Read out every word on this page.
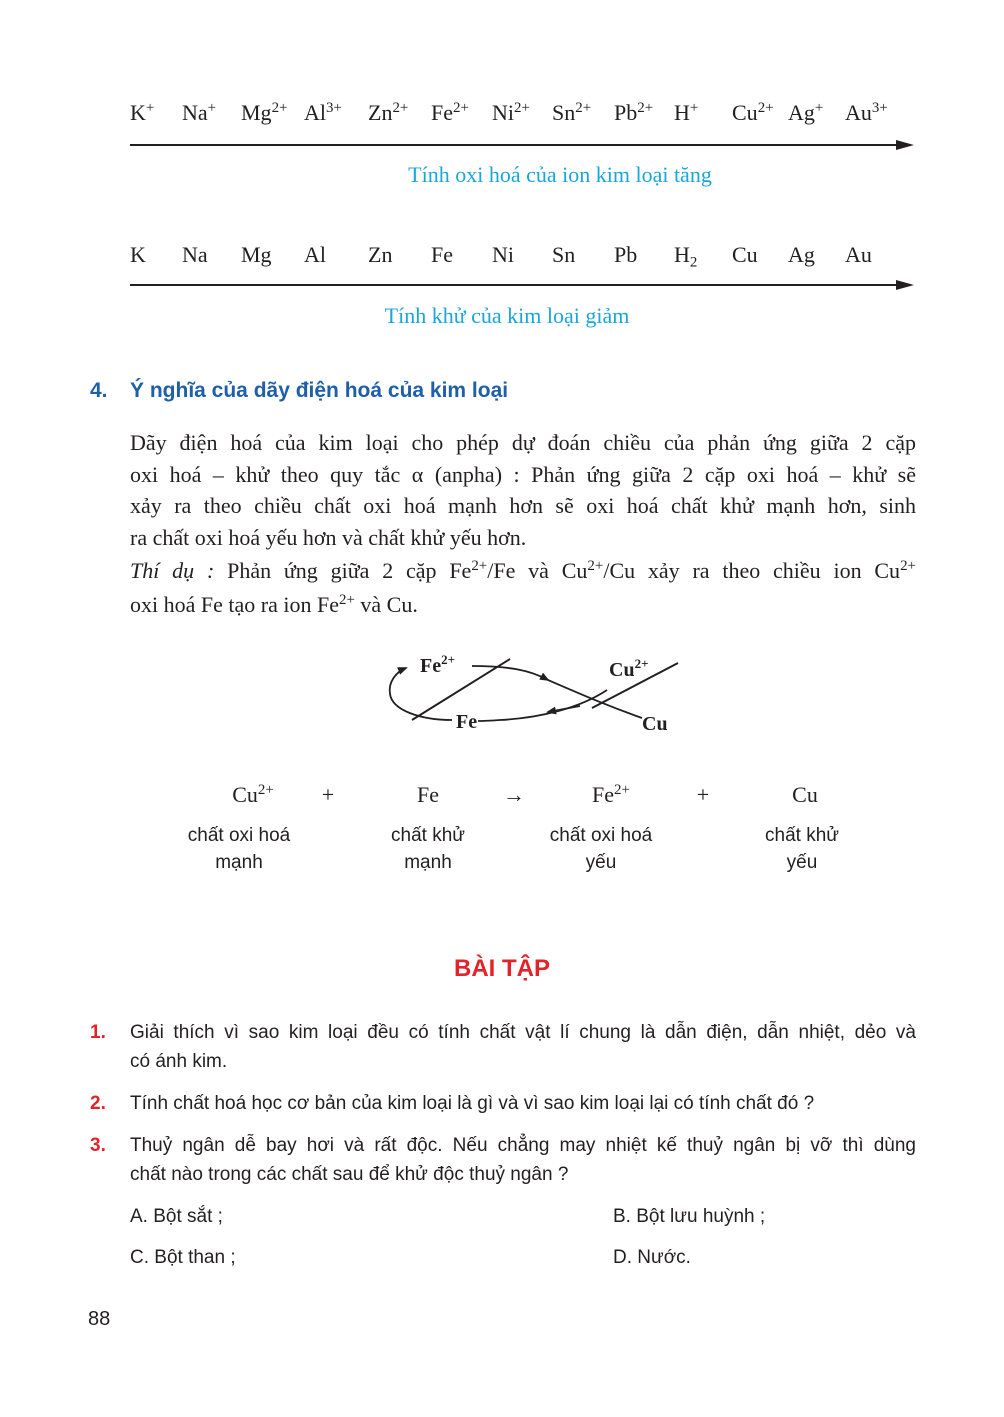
K+ Na+ $Mg^{2+}$ $Al^{3+}$ $Zn^{2+}$ $Fe^{2+}$ $Ni^{2+}$ $Sn^{2+}$ $Pb^{2+}$ H+ $Cu^{2+}$ Ag+ $Au^{3+}$
Tính oxi hoá của ion kim loại tăng
K Na Mg Al Zn Fe Ni Sn Pb $H_2$ Cu Ag Au
Tính khử của kim loại giảm
4. Ý nghĩa của dãy điện hoá của kim loại

Dãy điện hoá của kim loại cho phép dự đoán chiều của phản ứng giữa 2 cặp

oxi hoá – khử theo quy tắc α (anpha) : Phản ứng giữa 2 cặp oxi hoá – khử sẽ

xảy ra theo chiều chất oxi hoá mạnh hơn sẽ oxi hoá chất khử mạnh hơn, sinh

ra chất oxi hoá yếu hơn và chất khử yếu hơn.

Thí dụ : Phản ứng giữa 2 cặp $Fe^{2+}/Fe$ và $Cu^{2+}/Cu$ xảy ra theo chiều ion $Cu^{2+}$

oxi hoá Fe tạo ra ion $Fe^{2+}$ và Cu.

$Fe^{2+}$
Fe
$Cu^{2+}$
Cu
$Cu^{2+}$	+	Fe	→	$Fe^{2+}$	+	Cu
chất oxi hoá
mạnh
chất khử
mạnh
chất oxi hoá
yếu
chất khử
yếu
BÀI TẬP
1. Giải thích vì sao kim loại đều có tính chất vật lí chung là dẫn điện, dẫn nhiệt, dẻo và
có ánh kim.
2. Tính chất hoá học cơ bản của kim loại là gì và vì sao kim loại lại có tính chất đó ?
3. Thuỷ ngân dễ bay hơi và rất độc. Nếu chẳng may nhiệt kế thuỷ ngân bị vỡ thì dùng
chất nào trong các chất sau để khử độc thuỷ ngân ?
A. Bột sắt ;	B. Bột lưu huỳnh ;
C. Bột than ;	D. Nước.
88
